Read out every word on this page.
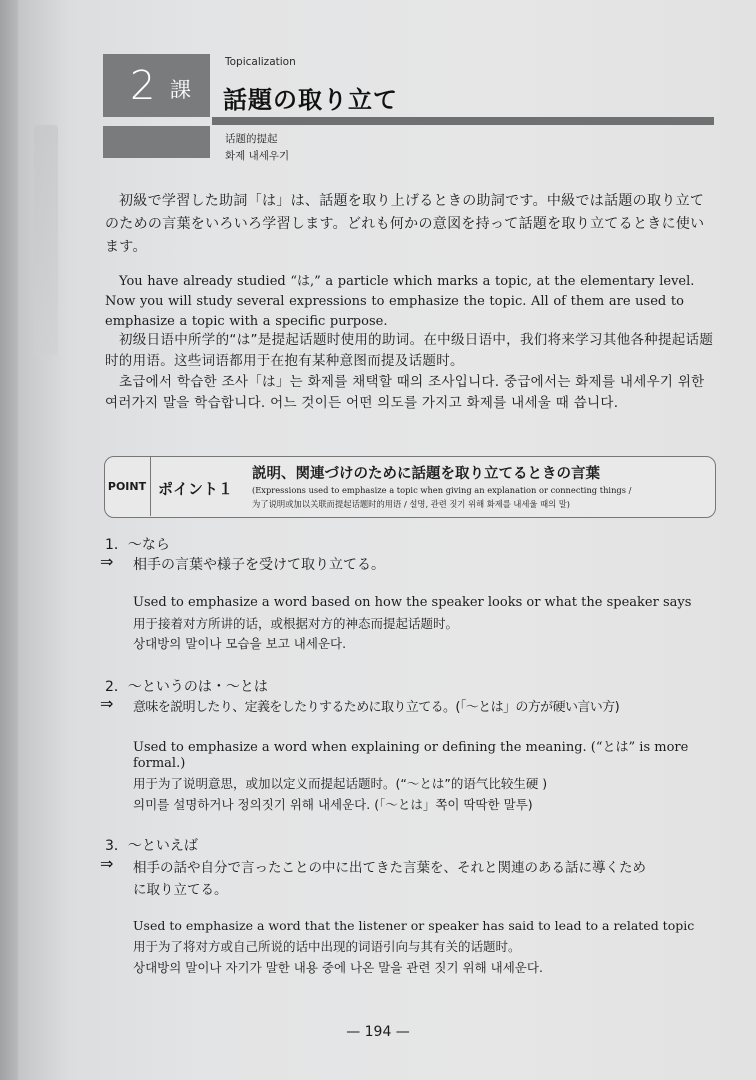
2 課
Topicalization
話題の取り立て
话题的提起
화제 내세우기
初級で学習した助詞「は」は、話題を取り上げるときの助詞です。中級では話題の取り立てのための言葉をいろいろ学習します。どれも何かの意図を持って話題を取り立てるときに使います。
You have already studied “は,” a particle which marks a topic, at the elementary level. Now you will study several expressions to emphasize the topic. All of them are used to emphasize a topic with a specific purpose.
初级日语中所学的“は”是提起话题时使用的助词。在中级日语中，我们将来学习其他各种提起话题时的用语。这些词语都用于在抱有某种意图而提及话题时。
초급에서 학습한 조사「は」는 화제를 채택할 때의 조사입니다. 중급에서는 화제를 내세우기 위한 여러가지 말을 학습합니다. 어느 것이든 어떤 의도를 가지고 화제를 내세울 때 씁니다.
POINT ポイント１
説明、関連づけのために話題を取り立てるときの言葉
(Expressions used to emphasize a topic when giving an explanation or connecting things /
为了说明或加以关联而提起话题时的用语 / 설명, 관련 짓기 위해 화제를 내세울 때의 말)
1．～なら
⇒ 相手の言葉や様子を受けて取り立てる。
Used to emphasize a word based on how the speaker looks or what the speaker says
用于接着对方所讲的话，或根据对方的神态而提起话题时。
상대방의 말이나 모습을 보고 내세운다.
2．～というのは・～とは
⇒ 意味を説明したり、定義をしたりするために取り立てる。(「～とは」の方が硬い言い方)
Used to emphasize a word when explaining or defining the meaning. (“とは” is more
formal.)
用于为了说明意思，或加以定义而提起话题时。(“～とは”的语气比较生硬 )
의미를 설명하거나 정의짓기 위해 내세운다. (「～とは」쪽이 딱딱한 말투)
3．～といえば
⇒ 相手の話や自分で言ったことの中に出てきた言葉を、それと関連のある話に導くため
に取り立てる。
Used to emphasize a word that the listener or speaker has said to lead to a related topic
用于为了将对方或自己所说的话中出现的词语引向与其有关的话题时。
상대방의 말이나 자기가 말한 내용 중에 나온 말을 관련 짓기 위해 내세운다.
— 194 —
